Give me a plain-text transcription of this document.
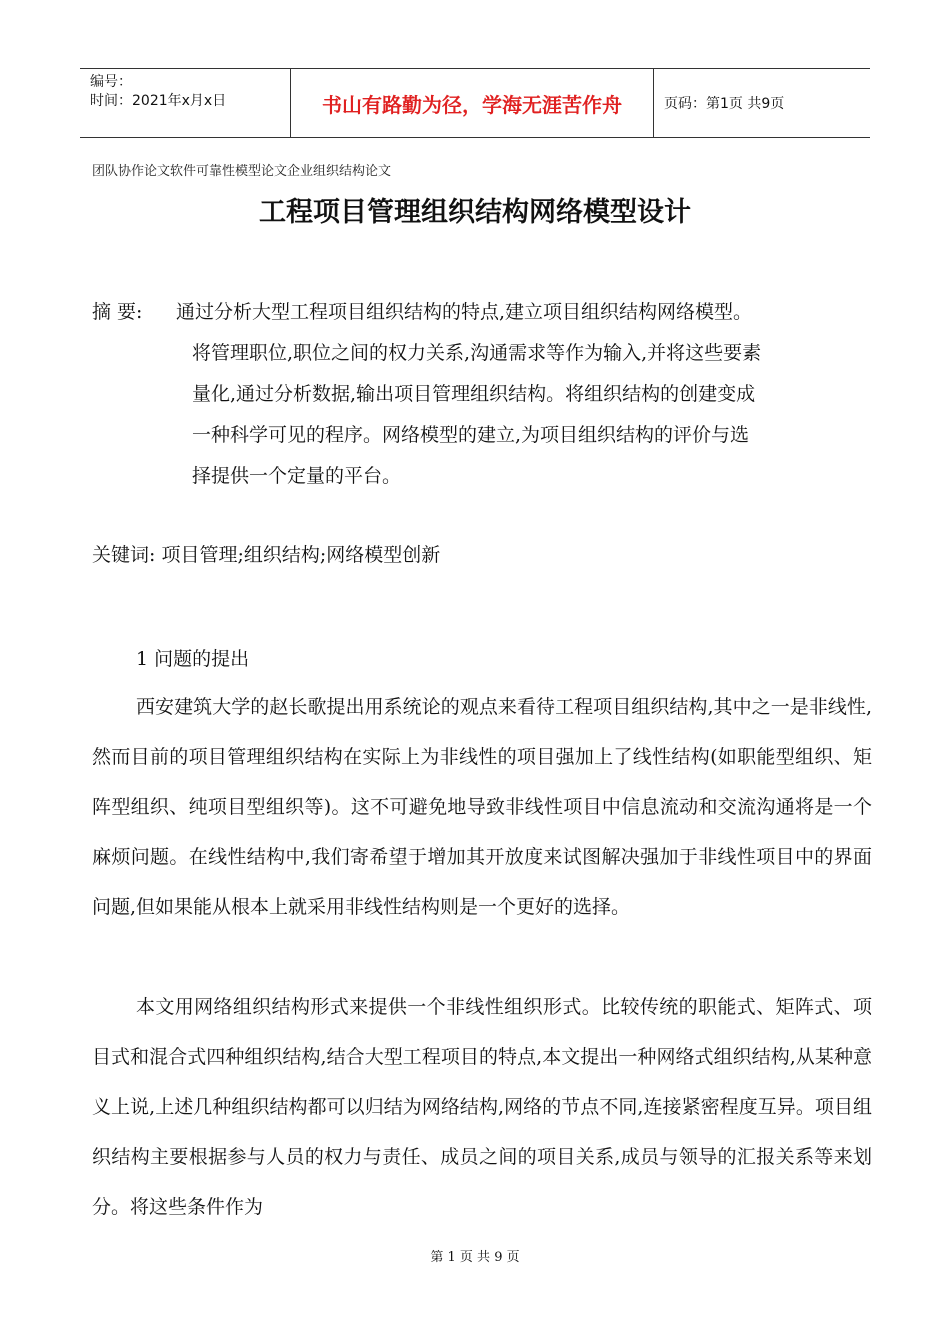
编号：
时间：2021年x月x日	书山有路勤为径，学海无涯苦作舟	页码：第1页 共9页
团队协作论文软件可靠性模型论文企业组织结构论文
工程项目管理组织结构网络模型设计
摘 要: 通过分析大型工程项目组织结构的特点,建立项目组织结构网络模型。
将管理职位,职位之间的权力关系,沟通需求等作为输入,并将这些要素
量化,通过分析数据,输出项目管理组织结构。将组织结构的创建变成
一种科学可见的程序。网络模型的建立,为项目组织结构的评价与选
择提供一个定量的平台。
关键词: 项目管理;组织结构;网络模型创新
1 问题的提出

西安建筑大学的赵长歌提出用系统论的观点来看待工程项目组织结构,其中之一是非线性,然而目前的项目管理组织结构在实际上为非线性的项目强加上了线性结构(如职能型组织、矩阵型组织、纯项目型组织等)。这不可避免地导致非线性项目中信息流动和交流沟通将是一个麻烦问题。在线性结构中,我们寄希望于增加其开放度来试图解决强加于非线性项目中的界面问题,但如果能从根本上就采用非线性结构则是一个更好的选择。

本文用网络组织结构形式来提供一个非线性组织形式。比较传统的职能式、矩阵式、项目式和混合式四种组织结构,结合大型工程项目的特点,本文提出一种网络式组织结构,从某种意义上说,上述几种组织结构都可以归结为网络结构,网络的节点不同,连接紧密程度互异。项目组织结构主要根据参与人员的权力与责任、成员之间的项目关系,成员与领导的汇报关系等来划分。将这些条件作为

第 1 页 共 9 页
